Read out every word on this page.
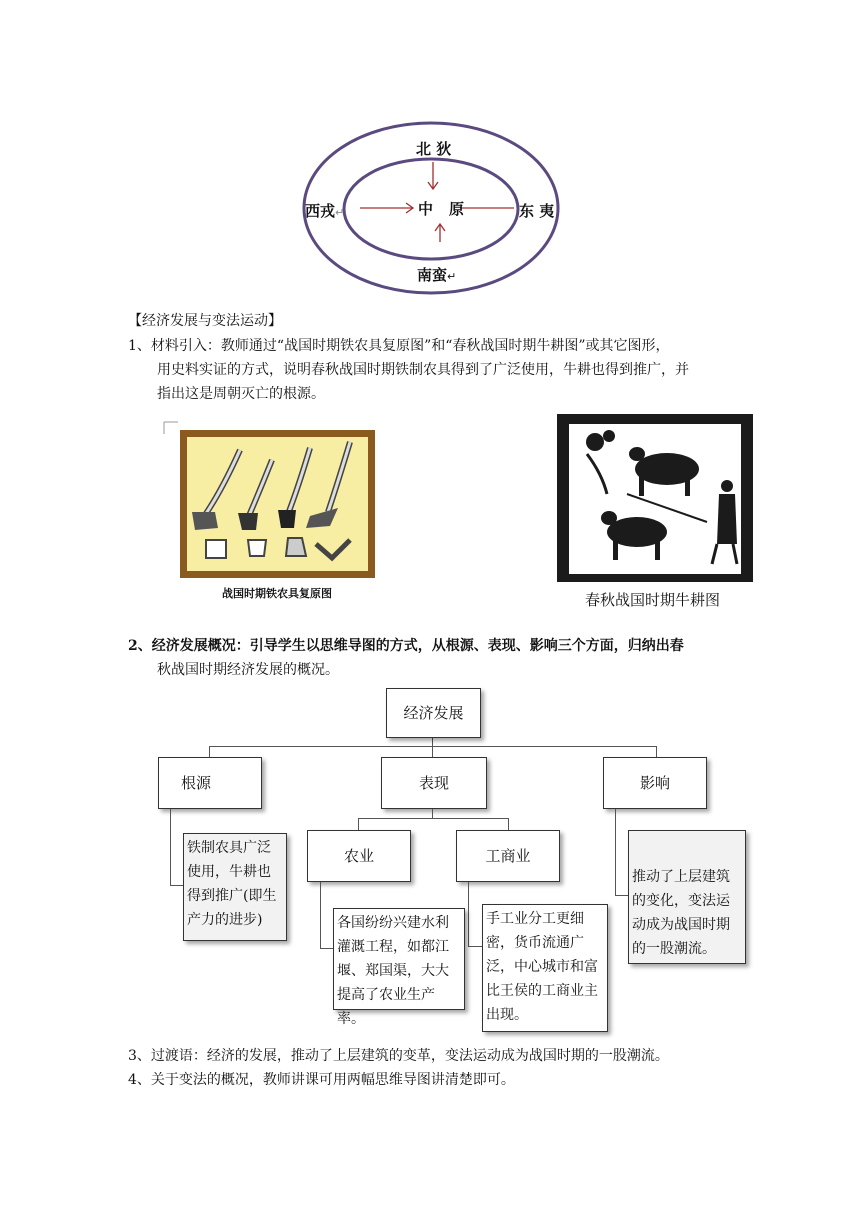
北 狄
西戎↵	中 原	东 夷
南蛮↵
【经济发展与变法运动】
1、材料引入：教师通过“战国时期铁农具复原图”和“春秋战国时期牛耕图”或其它图形，
用史料实证的方式，说明春秋战国时期铁制农具得到了广泛使用，牛耕也得到推广，并
指出这是周朝灭亡的根源。
战国时期铁农具复原图	春秋战国时期牛耕图
2、经济发展概况：引导学生以思维导图的方式，从根源、表现、影响三个方面，归纳出春
秋战国时期经济发展的概况。
经济发展
根源	表现	影响
农业	工商业
铁制农具广泛使用，牛耕也得到推广(即生产力的进步)	各国纷纷兴建水利灌溉工程，如都江堰、郑国渠，大大提高了农业生产率。
手工业分工更细密，货币流通广泛，中心城市和富比王侯的工商业主出现。
推动了上层建筑的变化，变法运动成为战国时期的一股潮流。
3、过渡语：经济的发展，推动了上层建筑的变革，变法运动成为战国时期的一股潮流。
4、关于变法的概况，教师讲课可用两幅思维导图讲清楚即可。
